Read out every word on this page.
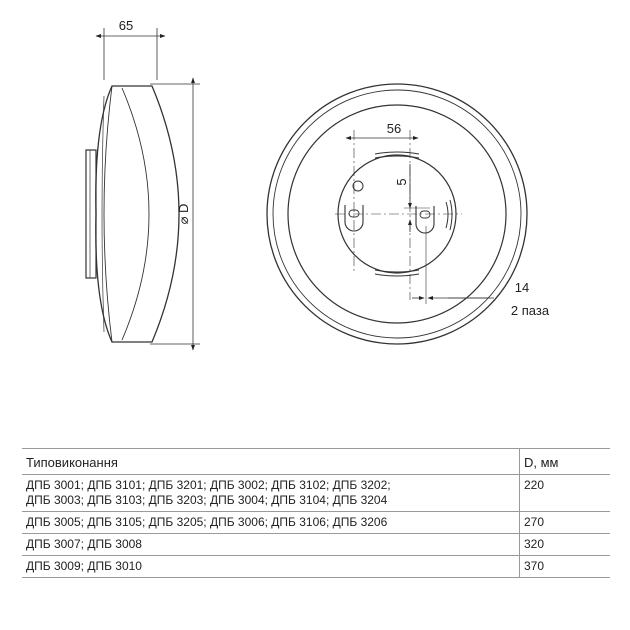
65
⌀ D
56
5
14
2 паза
Типовиконання	D, мм
ДПБ 3001; ДПБ 3101; ДПБ 3201; ДПБ 3002; ДПБ 3102; ДПБ 3202;
ДПБ 3003; ДПБ 3103; ДПБ 3203; ДПБ 3004; ДПБ 3104; ДПБ 3204	220
ДПБ 3005; ДПБ 3105; ДПБ 3205; ДПБ 3006; ДПБ 3106; ДПБ 3206	270
ДПБ 3007; ДПБ 3008	320
ДПБ 3009; ДПБ 3010	370
